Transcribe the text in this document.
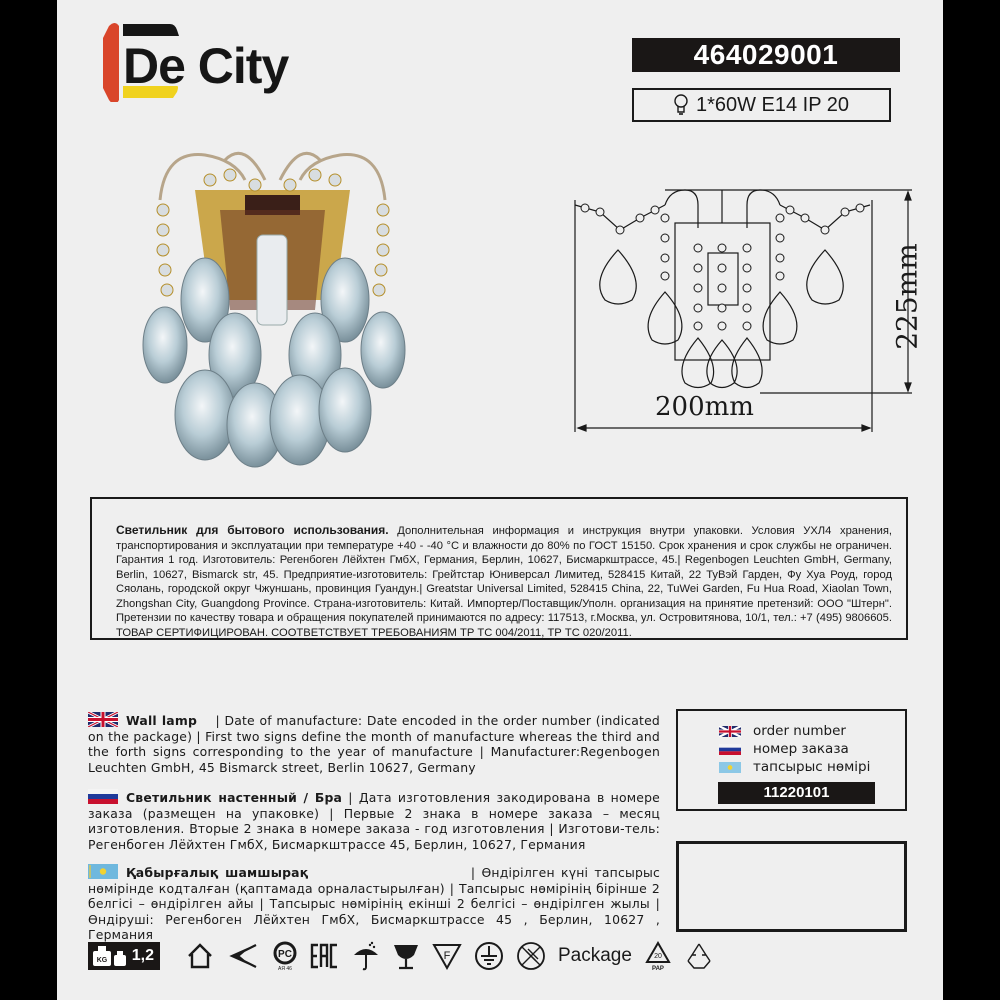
De City	464029001
1*60W E14 IP 20
200mm
225mm
Светильник для бытового использования. Дополнительная информация и инструкция внутри упаковки. Условия УХЛ4 хранения, транспортирования и эксплуатации при температуре +40 - -40 °C и влажности до 80% по ГОСТ 15150. Срок хранения и срок службы не ограничен. Гарантия 1 год. Изготовитель: Регенбоген Лёйхтен ГмбХ, Германия, Берлин, 10627, Бисмаркштрассе, 45.| Regenbogen Leuchten GmbH, Germany, Berlin, 10627, Bismarck str, 45. Предприятие-изготовитель: Грейтстар Юниверсал Лимитед, 528415 Китай, 22 ТуВэй Гарден, Фу Хуа Роуд, город Сяолань, городской округ Чжуншань, провинция Гуандун.| Greatstar Universal Limited, 528415 China, 22, TuWei Garden, Fu Hua Road, Xiaolan Town, Zhongshan City, Guangdong Province. Страна-изготовитель: Китай. Импортер/Поставщик/Уполн. организация на принятие претензий: ООО "Штерн". Претензии по качеству товара и обращения покупателей принимаются по адресу: 117513, г.Москва, ул. Островитянова, 10/1, тел.: +7 (495) 9806605. ТОВАР СЕРТИФИЦИРОВАН. СООТВЕТСТВУЕТ ТРЕБОВАНИЯМ ТР ТС 004/2011, ТР ТС 020/2011.
Wall lamp | Date of manufacture: Date encoded in the order number (indicated on the package) | First two signs define the month of manufacture whereas the third and the forth signs corresponding to the year of manufacture | Manufacturer:Regenbogen Leuchten GmbH, 45 Bismarck street, Berlin 10627, Germany
Светильник настенный / Бра | Дата изготовления закодирована в номере заказа (размещен на упаковке) | Первые 2 знака в номере заказа – месяц изготовления. Вторые 2 знака в номере заказа - год изготовления | Изготови-тель: Регенбоген Лёйхтен ГмбХ, Бисмаркштрассе 45, Берлин, 10627, Германия
Қабырғалық шамшырақ	| Өндірілген күні тапсырыс нөмірінде кодталған (қаптамада орналастырылған) | Тапсырыс нөмірінің бірінше 2 белгісі – өндірілген айы | Тапсырыс нөмірінің екінші 2 белгісі – өндірілген жылы | Өндіруші: Регенбоген Лёйхтен ГмбХ, Бисмаркштрассе 45 , Берлин, 10627 , Германия
order number
номер заказа
тапсырыс нөмірі
11220101
KG 1,2	PC
АЯ 46
F	Package	20
PAP
